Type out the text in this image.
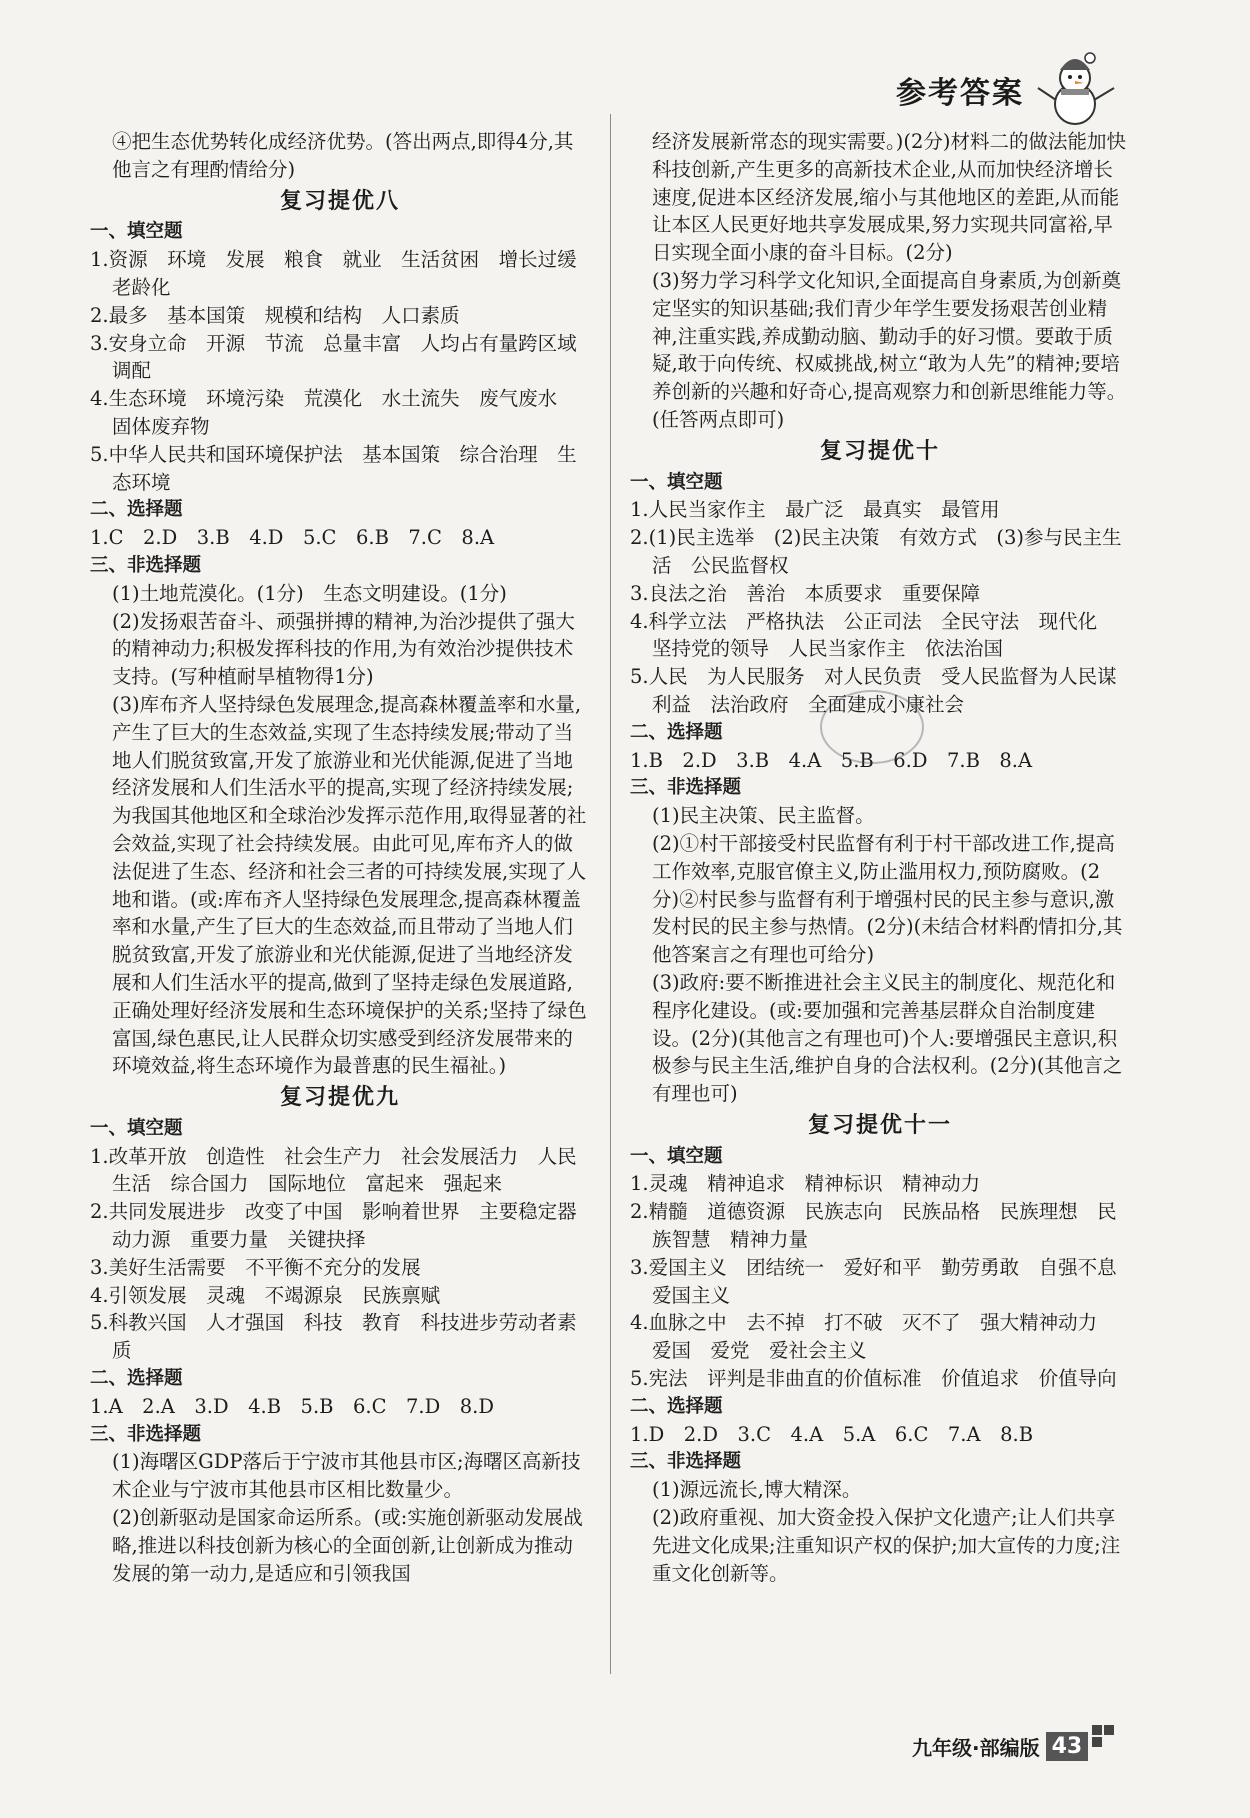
参考答案
④把生态优势转化成经济优势。(答出两点,即得4分,其他言之有理酌情给分)
复习提优八
一、填空题
1.资源　环境　发展　粮食　就业　生活贫困　增长过缓　老龄化
2.最多　基本国策　规模和结构　人口素质
3.安身立命　开源　节流　总量丰富　人均占有量跨区域调配
4.生态环境　环境污染　荒漠化　水土流失　废气废水　固体废弃物
5.中华人民共和国环境保护法　基本国策　综合治理　生态环境
二、选择题
1.C　2.D　3.B　4.D　5.C　6.B　7.C　8.A
三、非选择题
(1)土地荒漠化。(1分)　生态文明建设。(1分)
(2)发扬艰苦奋斗、顽强拼搏的精神,为治沙提供了强大的精神动力;积极发挥科技的作用,为有效治沙提供技术支持。(写种植耐旱植物得1分)
(3)库布齐人坚持绿色发展理念,提高森林覆盖率和水量,产生了巨大的生态效益,实现了生态持续发展;带动了当地人们脱贫致富,开发了旅游业和光伏能源,促进了当地经济发展和人们生活水平的提高,实现了经济持续发展;为我国其他地区和全球治沙发挥示范作用,取得显著的社会效益,实现了社会持续发展。由此可见,库布齐人的做法促进了生态、经济和社会三者的可持续发展,实现了人地和谐。(或:库布齐人坚持绿色发展理念,提高森林覆盖率和水量,产生了巨大的生态效益,而且带动了当地人们脱贫致富,开发了旅游业和光伏能源,促进了当地经济发展和人们生活水平的提高,做到了坚持走绿色发展道路,正确处理好经济发展和生态环境保护的关系;坚持了绿色富国,绿色惠民,让人民群众切实感受到经济发展带来的环境效益,将生态环境作为最普惠的民生福祉。)
复习提优九
一、填空题
1.改革开放　创造性　社会生产力　社会发展活力　人民生活　综合国力　国际地位　富起来　强起来
2.共同发展进步　改变了中国　影响着世界　主要稳定器　动力源　重要力量　关键抉择
3.美好生活需要　不平衡不充分的发展
4.引领发展　灵魂　不竭源泉　民族禀赋
5.科教兴国　人才强国　科技　教育　科技进步劳动者素质
二、选择题
1.A　2.A　3.D　4.B　5.B　6.C　7.D　8.D
三、非选择题
(1)海曙区GDP落后于宁波市其他县市区;海曙区高新技术企业与宁波市其他县市区相比数量少。
(2)创新驱动是国家命运所系。(或:实施创新驱动发展战略,推进以科技创新为核心的全面创新,让创新成为推动发展的第一动力,是适应和引领我国
经济发展新常态的现实需要。)(2分)材料二的做法能加快科技创新,产生更多的高新技术企业,从而加快经济增长速度,促进本区经济发展,缩小与其他地区的差距,从而能让本区人民更好地共享发展成果,努力实现共同富裕,早日实现全面小康的奋斗目标。(2分)
(3)努力学习科学文化知识,全面提高自身素质,为创新奠定坚实的知识基础;我们青少年学生要发扬艰苦创业精神,注重实践,养成勤动脑、勤动手的好习惯。要敢于质疑,敢于向传统、权威挑战,树立“敢为人先”的精神;要培养创新的兴趣和好奇心,提高观察力和创新思维能力等。(任答两点即可)
复习提优十
一、填空题
1.人民当家作主　最广泛　最真实　最管用
2.(1)民主选举　(2)民主决策　有效方式　(3)参与民主生活　公民监督权
3.良法之治　善治　本质要求　重要保障
4.科学立法　严格执法　公正司法　全民守法　现代化　坚持党的领导　人民当家作主　依法治国
5.人民　为人民服务　对人民负责　受人民监督为人民谋利益　法治政府　全面建成小康社会
二、选择题
1.B　2.D　3.B　4.A　5.B　6.D　7.B　8.A
三、非选择题
(1)民主决策、民主监督。
(2)①村干部接受村民监督有利于村干部改进工作,提高工作效率,克服官僚主义,防止滥用权力,预防腐败。(2分)②村民参与监督有利于增强村民的民主参与意识,激发村民的民主参与热情。(2分)(未结合材料酌情扣分,其他答案言之有理也可给分)
(3)政府:要不断推进社会主义民主的制度化、规范化和程序化建设。(或:要加强和完善基层群众自治制度建设。(2分)(其他言之有理也可)个人:要增强民主意识,积极参与民主生活,维护自身的合法权利。(2分)(其他言之有理也可)
复习提优十一
一、填空题
1.灵魂　精神追求　精神标识　精神动力
2.精髓　道德资源　民族志向　民族品格　民族理想　民族智慧　精神力量
3.爱国主义　团结统一　爱好和平　勤劳勇敢　自强不息　爱国主义
4.血脉之中　去不掉　打不破　灭不了　强大精神动力　爱国　爱党　爱社会主义
5.宪法　评判是非曲直的价值标准　价值追求　价值导向
二、选择题
1.D　2.D　3.C　4.A　5.A　6.C　7.A　8.B
三、非选择题
(1)源远流长,博大精深。
(2)政府重视、加大资金投入保护文化遗产;让人们共享先进文化成果;注重知识产权的保护;加大宣传的力度;注重文化创新等。
九年级·部编版 43
